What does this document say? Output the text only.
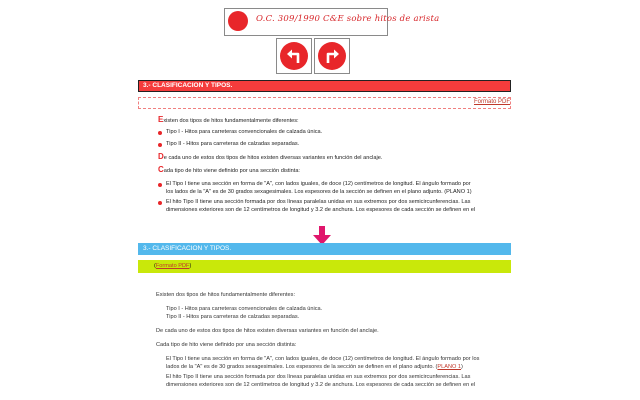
O.C. 309/1990 C&E sobre hitos de arista
3.- CLASIFICACION Y TIPOS.
Formato PDF
Existen dos tipos de hitos fundamentalmente diferentes:
Tipo I - Hitos para carreteras convencionales de calzada única.
Tipo II - Hitos para carreteras de calzadas separadas.
De cada uno de estos dos tipos de hitos existen diversas variantes en función del anclaje.
Cada tipo de hito viene definido por una sección distinta:
El Tipo I tiene una sección en forma de "A", con lados iguales, de doce (12) centímetros de longitud. El ángulo formado por
los lados de la "A" es de 30 grados sexagesimales. Los espesores de la sección se definen en el plano adjunto. (PLANO 1)
El hito Tipo II tiene una sección formada por dos líneas paralelas unidas en sus extremos por dos semicircunferencias. Las
dimensiones exteriores son de 12 centímetros de longitud y 3.2 de anchura. Los espesores de cada sección se definen en el
3.- CLASIFICACION Y TIPOS.
(Formato PDF)
Existen dos tipos de hitos fundamentalmente diferentes:
Tipo I - Hitos para carreteras convencionales de calzada única.
Tipo II - Hitos para carreteras de calzadas separadas.
De cada uno de estos dos tipos de hitos existen diversas variantes en función del anclaje.
Cada tipo de hito viene definido por una sección distinta:
El Tipo I tiene una sección en forma de "A", con lados iguales, de doce (12) centímetros de longitud. El ángulo formado por los
lados de la "A" es de 30 grados sexagesimales. Los espesores de la sección se definen en el plano adjunto. (PLANO 1)
El hito Tipo II tiene una sección formada por dos líneas paralelas unidas en sus extremos por dos semicircunferencias. Las
dimensiones exteriores son de 12 centímetros de longitud y 3.2 de anchura. Los espesores de cada sección se definen en el
